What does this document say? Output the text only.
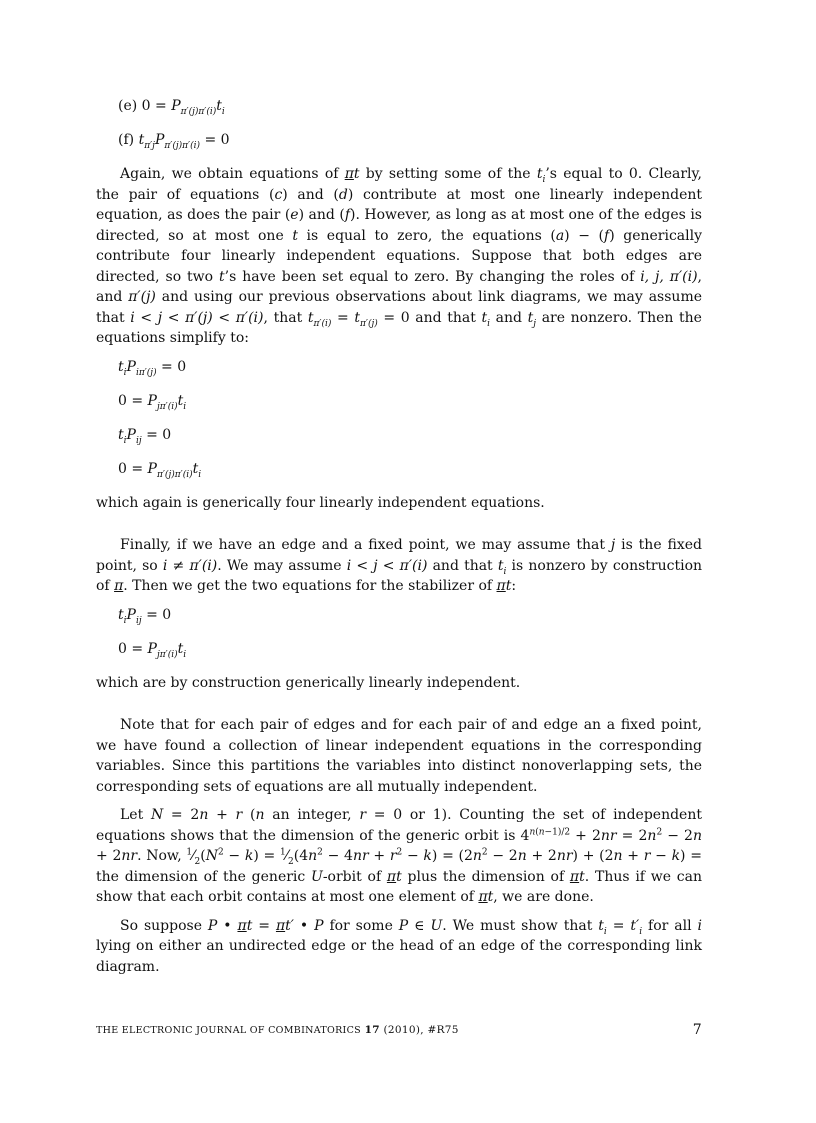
(e) $0 = P_{\pi'(j)\pi'(i)}t_i$
(f) $t_{\pi'j}P_{\pi'(j)\pi'(i)} = 0$

Again, we obtain equations of πt by setting some of the $t_i’s$ equal to 0. Clearly, the pair of equations (c) and (d) contribute at most one linearly independent equation, as does the pair (e) and (f). However, as long as at most one of the edges is directed, so at most one t is equal to zero, the equations (a) − (f) generically contribute four linearly independent equations. Suppose that both edges are directed, so two t’s have been set equal to zero. By changing the roles of i, j, π′(i), and π′(j) and using our previous observations about link diagrams, we may assume that i < j < π′(j) < π′(i), that $t_{\pi'(i)} = t_{\pi'(j)} = 0$ and that $t_i$ and $t_j$ are nonzero. Then the equations simplify to:

$t_iP_{i\pi'(j)} = 0$
$0 = P_{j\pi'(i)}t_i$
$t_iP_{ij} = 0$
$0 = P_{\pi'(j)\pi'(i)}t_i$

which again is generically four linearly independent equations.

Finally, if we have an edge and a fixed point, we may assume that j is the fixed point, so i ≠ π′(i). We may assume i < j < π′(i) and that $t_i$ is nonzero by construction of π. Then we get the two equations for the stabilizer of πt:

$t_iP_{ij} = 0$
$0 = P_{j\pi'(i)}t_i$

which are by construction generically linearly independent.

Note that for each pair of edges and for each pair of and edge an a fixed point, we have found a collection of linear independent equations in the corresponding variables. Since this partitions the variables into distinct nonoverlapping sets, the corresponding sets of equations are all mutually independent.

Let N = 2n + r (n an integer, r = 0 or 1). Counting the set of independent equations shows that the dimension of the generic orbit is $4^{n(n-1)/2} + 2nr = 2n^2 - 2n + 2nr$. Now, $^1⁄_2(N^2 - k)$ = $^1⁄_2(4n^2 - 4nr + r^2 - k) = (2n^2 - 2n + 2nr) + (2n + r - k)$ = the dimension of the generic U-orbit of πt plus the dimension of πt. Thus if we can show that each orbit contains at most one element of πt, we are done.

So suppose P • πt = πt′ • P for some P ∈ U. We must show that $t_i = t'_i$ for all i lying on either an undirected edge or the head of an edge of the corresponding link diagram.

THE ELECTRONIC JOURNAL OF COMBINATORICS 17 (2010), #R75	7
